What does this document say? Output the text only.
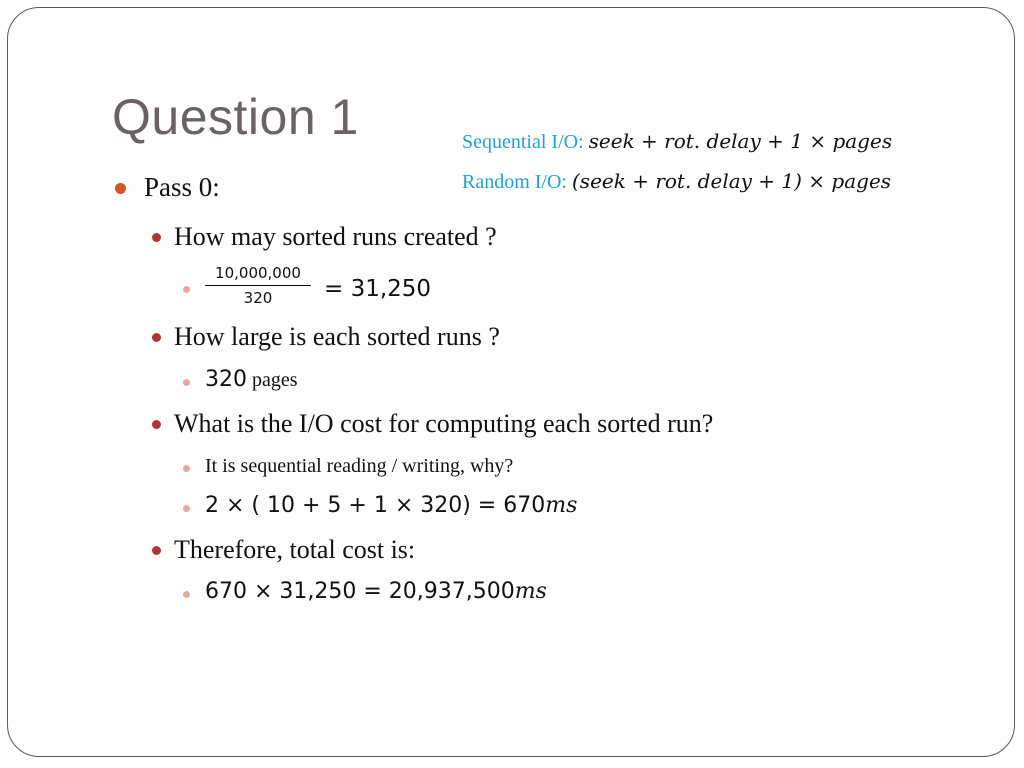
Question 1	Sequential I/O: seek + rot. delay + 1 × pages
Random I/O: (seek + rot. delay + 1) × pages
Pass 0:
How may sorted runs created ?
10,000,000
320	= 31,250
How large is each sorted runs ?
320 pages
What is the I/O cost for computing each sorted run?
It is sequential reading / writing, why?
2 × ( 10 + 5 + 1 × 320) = 670ms
Therefore, total cost is:
670 × 31,250 = 20,937,500ms
